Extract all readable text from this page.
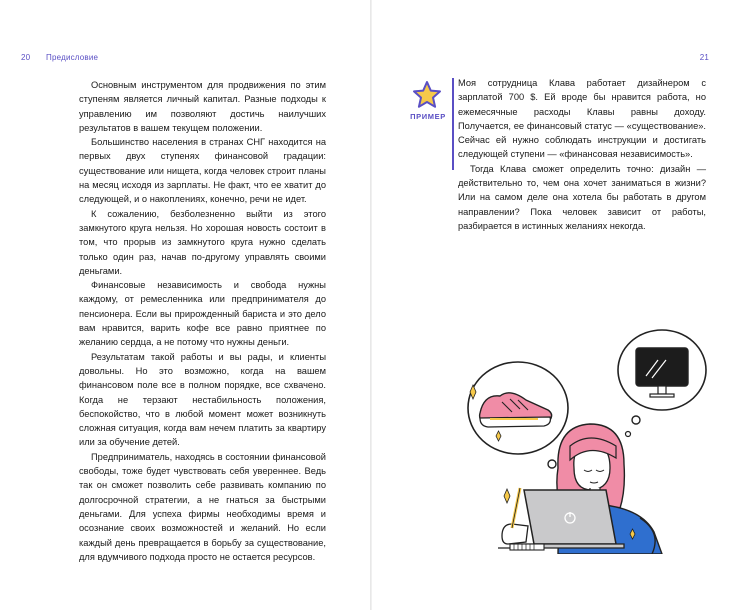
20 Предисловие

Основным инструментом для продвижения по этим ступеням является личный капитал. Разные подходы к управлению им позволяют достичь наилучших результатов в вашем текущем положении.

Большинство населения в странах СНГ находится на первых двух ступенях финансовой градации: существование или нищета, когда человек строит планы на месяц исходя из зарплаты. Не факт, что ее хватит до следующей, и о накоплениях, конечно, речи не идет.

К сожалению, безболезненно выйти из этого замкнутого круга нельзя. Но хорошая новость состоит в том, что прорыв из замкнутого круга нужно сделать только один раз, начав по-другому управлять своими деньгами.

Финансовые независимость и свобода нужны каждому, от ремесленника или предпринимателя до пенсионера. Если вы прирожденный бариста и это дело вам нравится, варить кофе все равно приятнее по желанию сердца, а не потому что нужны деньги.

Результатам такой работы и вы рады, и клиенты довольны. Но это возможно, когда на вашем финансовом поле все в полном порядке, все схвачено. Когда не терзают нестабильность положения, беспокойство, что в любой момент может возникнуть сложная ситуация, когда вам нечем платить за квартиру или за обучение детей.

Предприниматель, находясь в состоянии финансовой свободы, тоже будет чувствовать себя увереннее. Ведь так он сможет позволить себе развивать компанию по долгосрочной стратегии, а не гнаться за быстрыми деньгами. Для успеха фирмы необходимы время и осознание своих возможностей и желаний. Но если каждый день превращается в борьбу за существование, для вдумчивого подхода просто не остается ресурсов.

21
ПРИМЕР

Моя сотрудница Клава работает дизайнером с зарплатой 700 $. Ей вроде бы нравится работа, но ежемесячные расходы Клавы равны доходу. Получается, ее финансовый статус — «существование». Сейчас ей нужно соблюдать инструкции и достигать следующей ступени — «финансовая независимость».

Тогда Клава сможет определить точно: дизайн — действительно то, чем она хочет заниматься в жизни? Или на самом деле она хотела бы работать в другом направлении? Пока человек зависит от работы, разбирается в истинных желаниях некогда.
